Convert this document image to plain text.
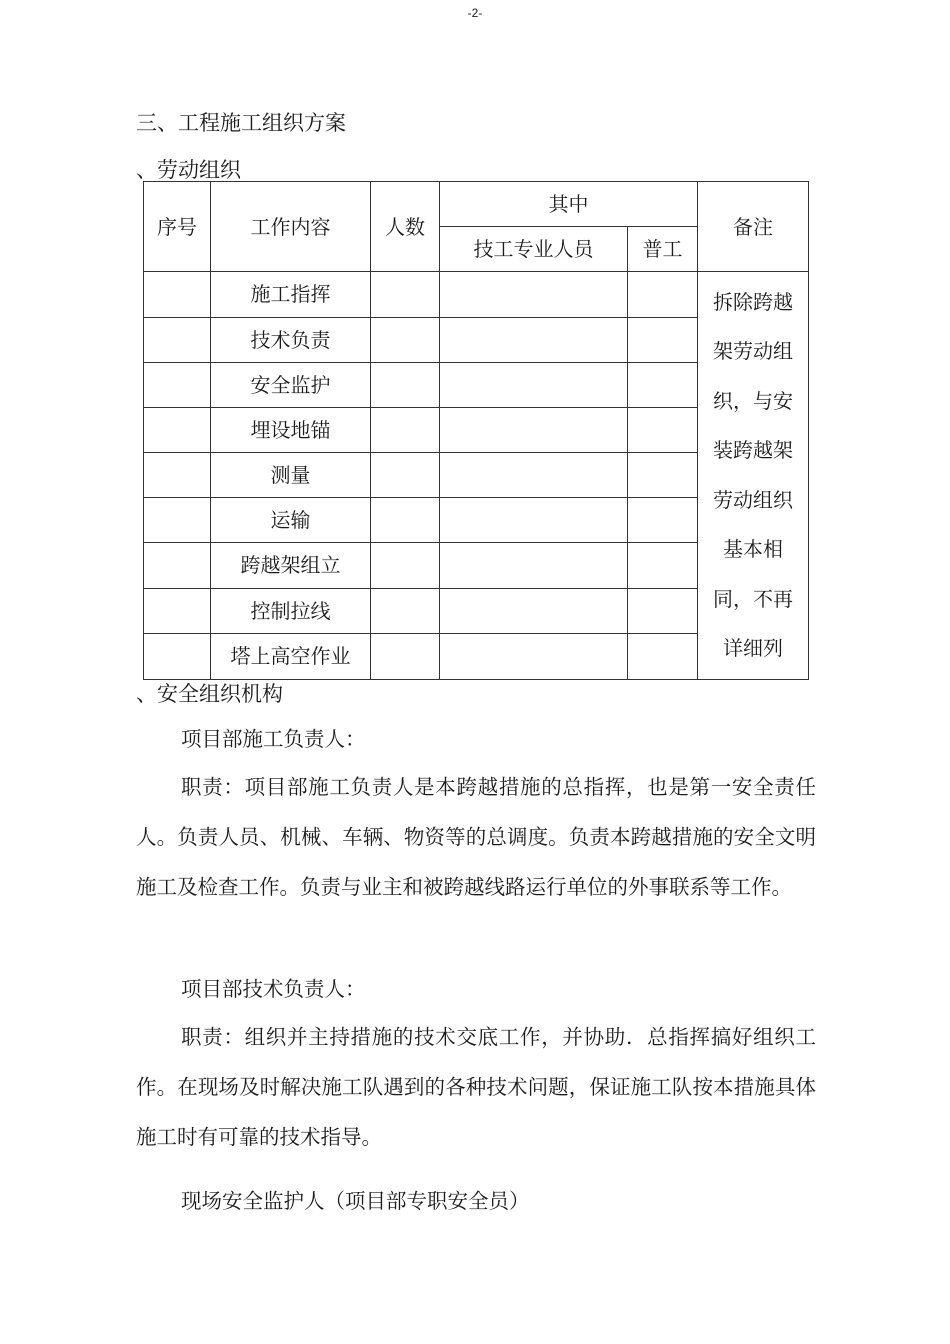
-2-
三、工程施工组织方案
、劳动组织
序号	工作内容	人数	其中		备注
			技工专业人员	普工	
	施工指挥				拆除跨越架劳动组织，与安装跨越架劳动组织基本相同，不再详细列
	技术负责				
	安全监护				
	埋设地锚				
	测量				
	运输				
	跨越架组立				
	控制拉线				
	塔上高空作业				
、安全组织机构
项目部施工负责人：

职责：项目部施工负责人是本跨越措施的总指挥，也是第一安全责任人。负责人员、机械、车辆、物资等的总调度。负责本跨越措施的安全文明施工及检查工作。负责与业主和被跨越线路运行单位的外事联系等工作。

项目部技术负责人：

职责：组织并主持措施的技术交底工作，并协助．总指挥搞好组织工作。在现场及时解决施工队遇到的各种技术问题，保证施工队按本措施具体施工时有可靠的技术指导。

现场安全监护人（项目部专职安全员）
